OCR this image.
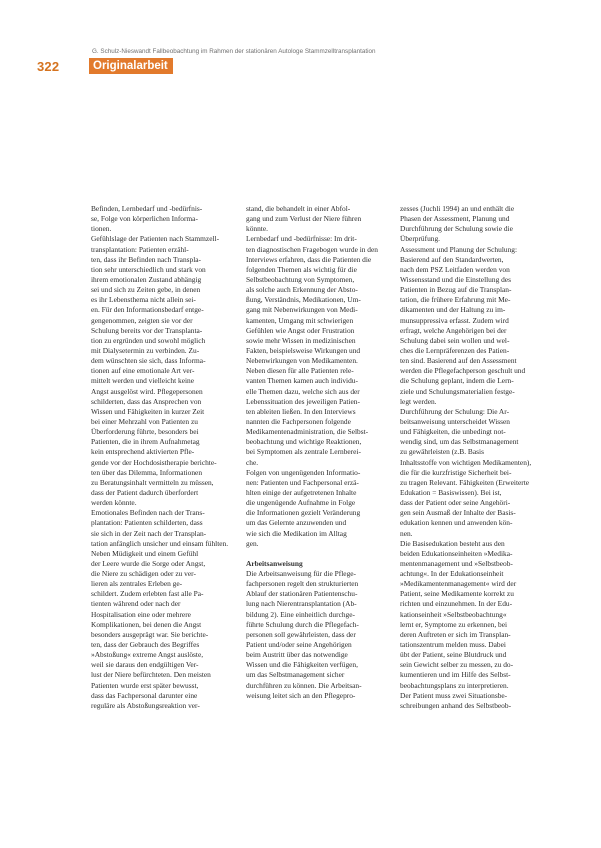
G. Schulz-Nieswandt Fallbeobachtung im Rahmen der stationären Autologe Stammzelltransplantation
322	Originalarbeit
Befinden, Lernbedarf und -bedürfnis-
se, Folge von körperlichen Informa-
tionen.
Gefühlslage der Patienten nach Stammzell-
transplantation: Patienten erzähl-
ten, dass ihr Befinden nach Transpla-
tion sehr unterschiedlich und stark von
ihrem emotionalen Zustand abhängig
sei und sich zu Zeiten gebe, in denen
es ihr Lebensthema nicht allein sei-
en. Für den Informationsbedarf entge-
gengenommen, zeigten sie vor der
Schulung bereits vor der Transplanta-
tion zu ergründen und sowohl möglich
mit Dialysetermin zu verbinden. Zu-
dem wünschten sie sich, dass Informa-
tionen auf eine emotionale Art ver-
mittelt werden und vielleicht keine
Angst ausgelöst wird. Pflegepersonen
schilderten, dass das Ansprechen von
Wissen und Fähigkeiten in kurzer Zeit
bei einer Mehrzahl von Patienten zu
Überforderung führte, besonders bei
Patienten, die in ihrem Aufnahmetag
kein entsprechend aktivierten Pfle-
gende vor der Hochdosistherapie berichte-
ten über das Dilemma, Informationen
zu Beratungsinhalt vermitteln zu müssen,
dass der Patient dadurch überfordert
werden könnte.
Emotionales Befinden nach der Trans-
plantation: Patienten schilderten, dass
sie sich in der Zeit nach der Transplan-
tation anfänglich unsicher und einsam fühlten.
Neben Müdigkeit und einem Gefühl
der Leere wurde die Sorge oder Angst,
die Niere zu schädigen oder zu ver-
lieren als zentrales Erleben ge-
schildert. Zudem erlebten fast alle Pa-
tienten während oder nach der
Hospitalisation eine oder mehrere
Komplikationen, bei denen die Angst
besonders ausgeprägt war. Sie berichte-
ten, dass der Gebrauch des Begriffes
»Abstoßung« extreme Angst auslöste,
weil sie daraus den endgültigen Ver-
lust der Niere befürchteten. Den meisten
Patienten wurde erst später bewusst,
dass das Fachpersonal darunter eine
reguläre als Abstoßungsreaktion ver-
stand, die behandelt in einer Abfol-
gang und zum Verlust der Niere führen
könnte.
Lernbedarf und -bedürfnisse: Im drit-
ten diagnostischen Fragebogen wurde in den
Interviews erfahren, dass die Patienten die
folgenden Themen als wichtig für die
Selbstbeobachtung von Symptomen,
als solche auch Erkennung der Absto-
ßung, Verständnis, Medikationen, Um-
gang mit Nebenwirkungen von Medi-
kamenten, Umgang mit schwierigen
Gefühlen wie Angst oder Frustration
sowie mehr Wissen in medizinischen
Fakten, beispielsweise Wirkungen und
Nebenwirkungen von Medikamenten.
Neben diesen für alle Patienten rele-
vanten Themen kamen auch individu-
elle Themen dazu, welche sich aus der
Lebenssituation des jeweiligen Patien-
ten ableiten ließen. In den Interviews
nannten die Fachpersonen folgende
Medikamentenadministration, die Selbst-
beobachtung und wichtige Reaktionen,
bei Symptomen als zentrale Lernberei-
che.
Folgen von ungenügenden Informatio-
nen: Patienten und Fachpersonal erzä-
hlten einige der aufgetretenen Inhalte
die ungenügende Aufnahme in Folge
die Informationen gezielt Veränderung
um das Gelernte anzuwenden und
wie sich die Medikation im Alltag
gen.
Arbeitsanweisung
Die Arbeitsanweisung für die Pflege-
fachpersonen regelt den strukturierten
Ablauf der stationären Patientenschu-
lung nach Nierentransplantation (Ab-
bildung 2). Eine einheitlich durchge-
führte Schulung durch die Pflegefach-
personen soll gewährleisten, dass der
Patient und/oder seine Angehörigen
beim Austritt über das notwendige
Wissen und die Fähigkeiten verfügen,
um das Selbstmanagement sicher
durchführen zu können. Die Arbeitsan-
weisung leitet sich an den Pflegepro-
zesses (Juchli 1994) an und enthält die
Phasen der Assessment, Planung und
Durchführung der Schulung sowie die
Überprüfung.
Assessment und Planung der Schulung:
Basierend auf den Standardwerten,
nach dem PSZ Leitfaden werden von
Wissensstand und die Einstellung des
Patienten in Bezug auf die Transplan-
tation, die frühere Erfahrung mit Me-
dikamenten und der Haltung zu im-
munsuppressiva erfasst. Zudem wird
erfragt, welche Angehörigen bei der
Schulung dabei sein wollen und wel-
ches die Lernpräferenzen des Patien-
ten sind. Basierend auf den Assessment
werden die Pflegefachperson geschult und
die Schulung geplant, indem die Lern-
ziele und Schulungsmaterialien festge-
legt werden.
Durchführung der Schulung: Die Ar-
beitsanweisung unterscheidet Wissen
und Fähigkeiten, die unbedingt not-
wendig sind, um das Selbstmanagement
zu gewährleisten (z.B. Basis
Inhaltsstoffe von wichtigen Medikamenten),
die für die kurzfristige Sicherheit bei-
zu tragen Relevant. Fähigkeiten (Erweiterte
Edukation = Basiswissen). Bei ist,
dass der Patient oder seine Angehöri-
gen sein Ausmaß der Inhalte der Basis-
edukation kennen und anwenden kön-
nen.
Die Basisedukation besteht aus den
beiden Edukationseinheiten »Medika-
mentenmanagement und »Selbstbeob-
achtung«. In der Edukationseinheit
»Medikamentenmanagement« wird der
Patient, seine Medikamente korrekt zu
richten und einzunehmen. In der Edu-
kationseinheit »Selbstbeobachtung«
lernt er, Symptome zu erkennen, bei
deren Auftreten er sich im Transplan-
tationszentrum melden muss. Dabei
übt der Patient, seine Blutdruck und
sein Gewicht selber zu messen, zu do-
kumentieren und im Hilfe des Selbst-
beobachtungsplans zu interpretieren.
Der Patient muss zwei Situationsbe-
schreibungen anhand des Selbstbeob-
